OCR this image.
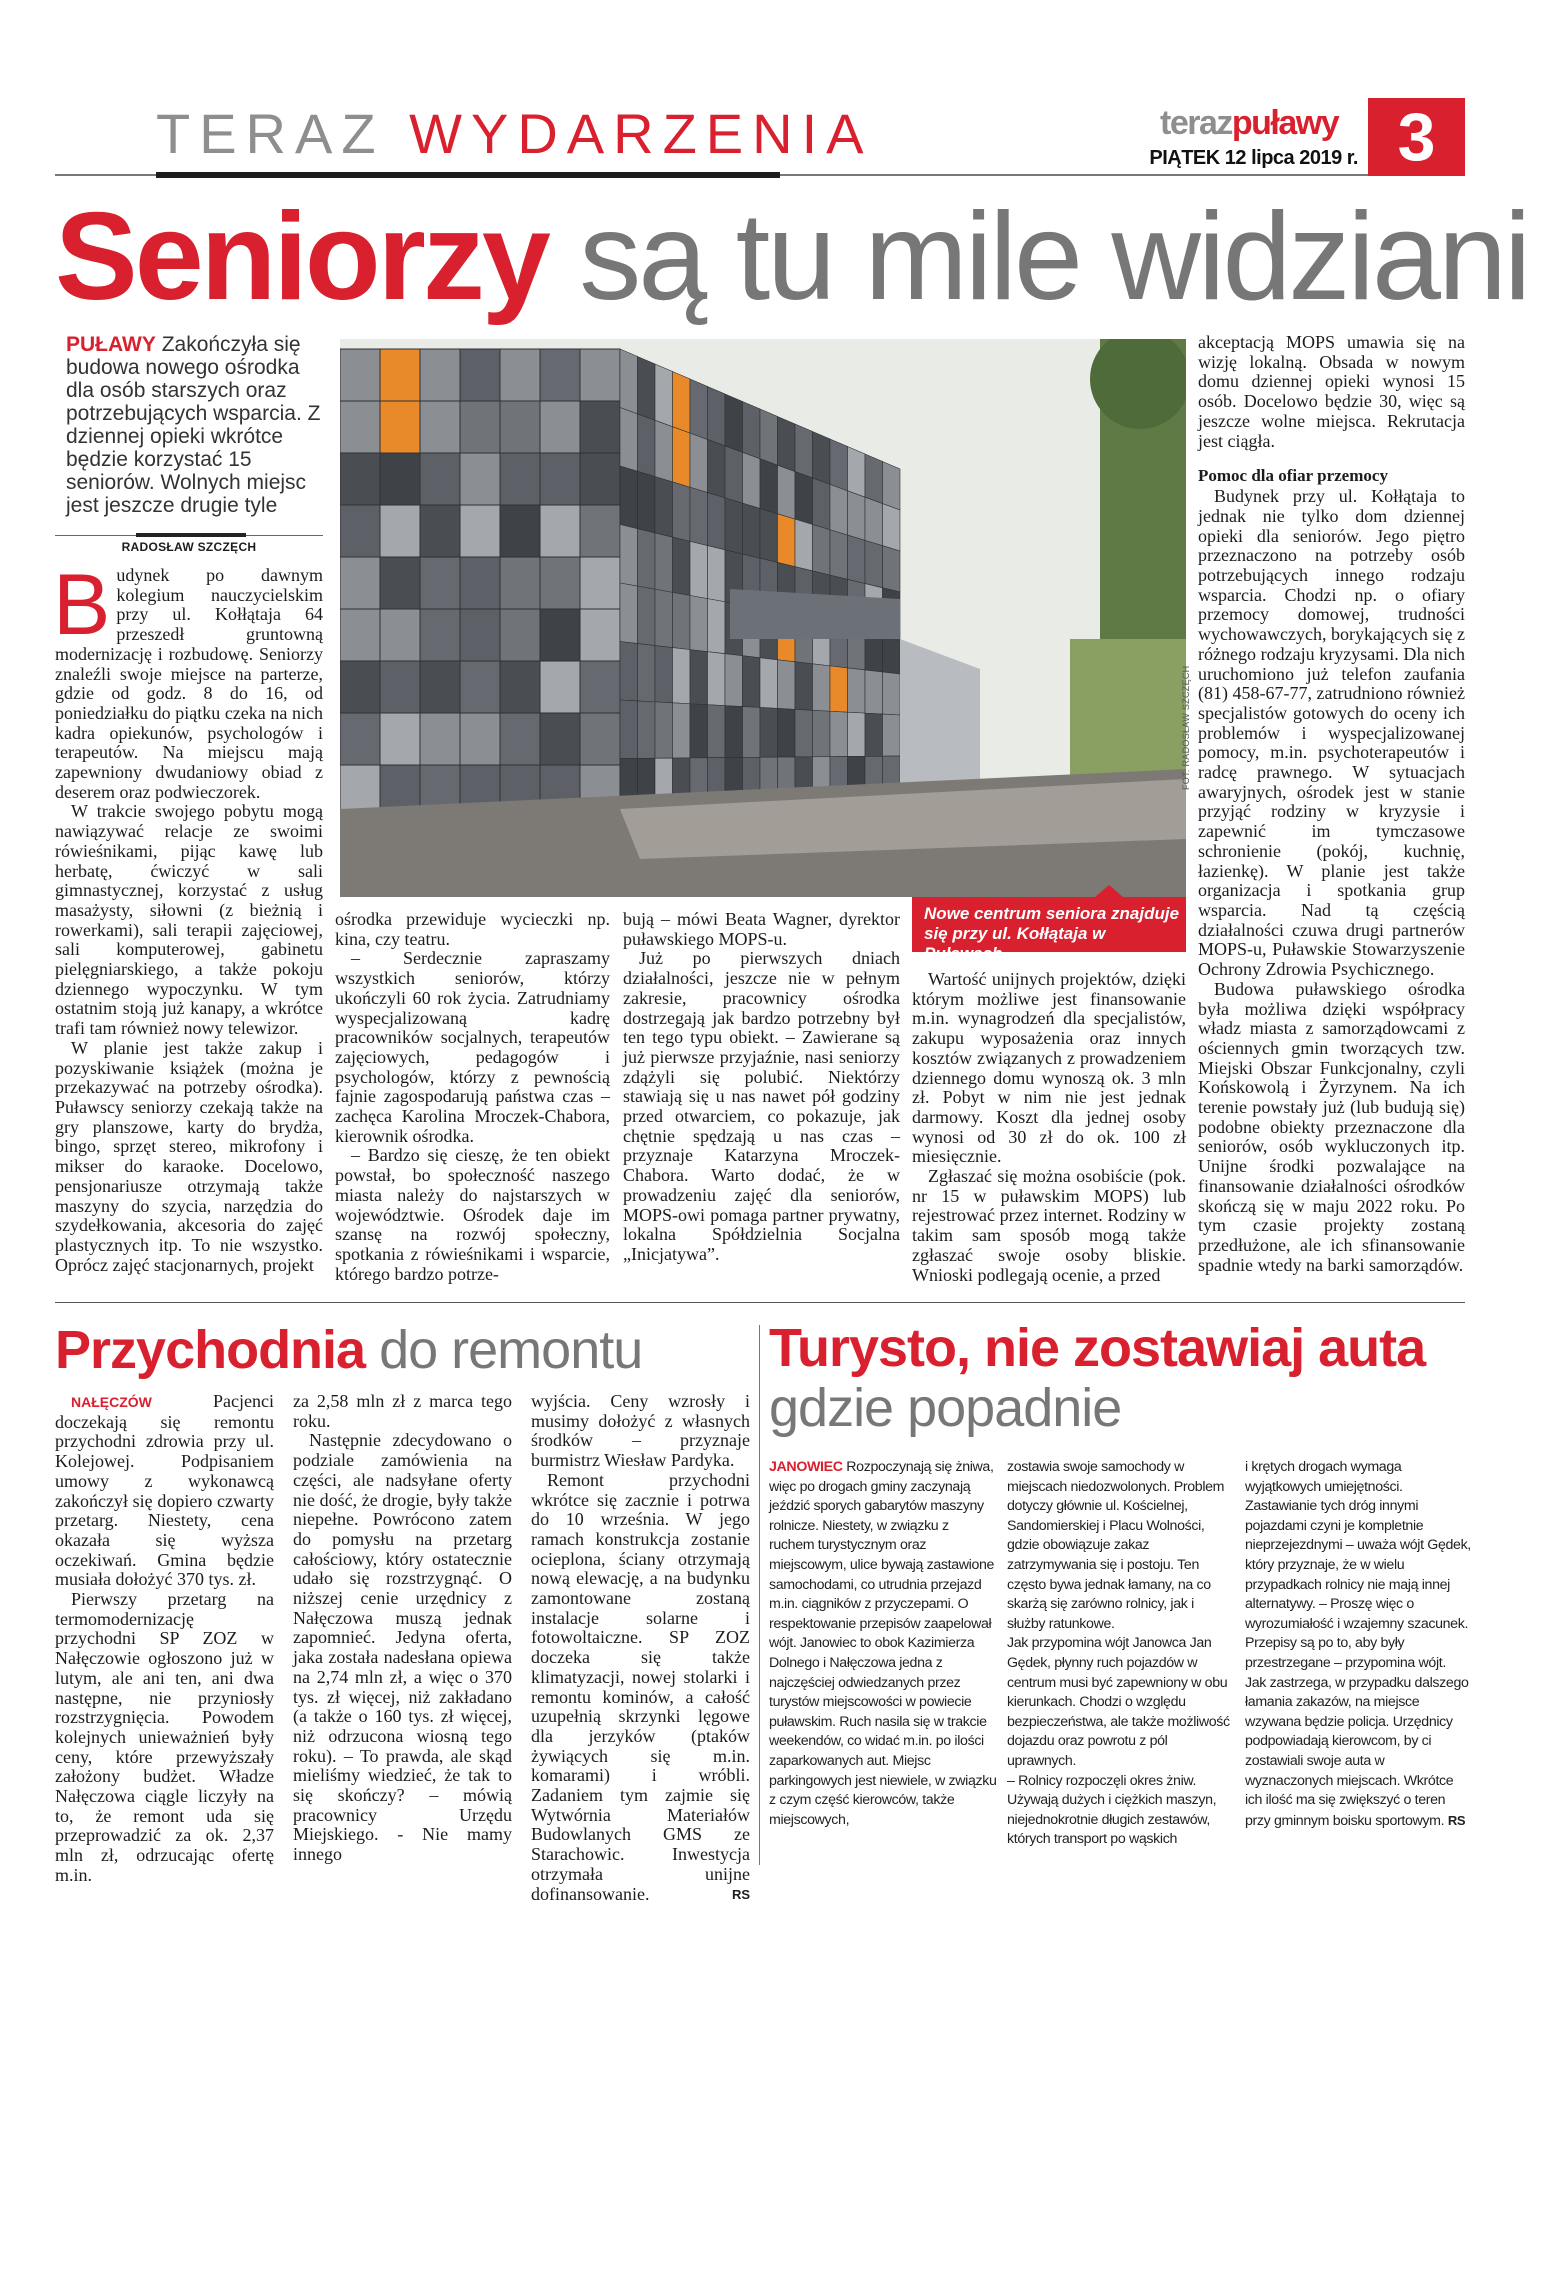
TERAZ WYDARZENIA	terazpuławy
PIĄTEK 12 lipca 2019 r. 3
Seniorzy są tu mile widziani
PUŁAWY Zakończyła się budowa nowego ośrodka dla osób starszych oraz potrzebujących wsparcia. Z dziennej opieki wkrótce będzie korzystać 15 seniorów. Wolnych miejsc jest jeszcze drugie tyle
RADOSŁAW SZCZĘCH

Budynek po dawnym kolegium nauczycielskim przy ul. Kołłątaja 64 przeszedł gruntowną modernizację i rozbudowę. Seniorzy znaleźli swoje miejsce na parterze, gdzie od godz. 8 do 16, od poniedziałku do piątku czeka na nich kadra opiekunów, psychologów i terapeutów. Na miejscu mają zapewniony dwudaniowy obiad z deserem oraz podwieczorek.

W trakcie swojego pobytu mogą nawiązywać relacje ze swoimi rówieśnikami, pijąc kawę lub herbatę, ćwiczyć w sali gimnastycznej, korzystać z usług masażysty, siłowni (z bieżnią i rowerkami), sali terapii zajęciowej, sali komputerowej, gabinetu pielęgniarskiego, a także pokoju dziennego wypoczynku. W tym ostatnim stoją już kanapy, a wkrótce trafi tam również nowy telewizor.

W planie jest także zakup i pozyskiwanie książek (można je przekazywać na potrzeby ośrodka). Puławscy seniorzy czekają także na gry planszowe, karty do brydża, bingo, sprzęt stereo, mikrofony i mikser do karaoke. Docelowo, pensjonariusze otrzymają także maszyny do szycia, narzędzia do szydełkowania, akcesoria do zajęć plastycznych itp. To nie wszystko. Oprócz zajęć stacjonarnych, projekt

Nowe centrum seniora znajduje się przy ul. Kołłątaja w Puławach
FOT. RADOSŁAW SZCZĘCH

ośrodka przewiduje wycieczki np. kina, czy teatru.

– Serdecznie zapraszamy wszystkich seniorów, którzy ukończyli 60 rok życia. Zatrudniamy wyspecjalizowaną kadrę pracowników socjalnych, terapeutów zajęciowych, pedagogów i psychologów, którzy z pewnością fajnie zagospodarują państwa czas – zachęca Karolina Mroczek-Chabora, kierownik ośrodka.

– Bardzo się cieszę, że ten obiekt powstał, bo społeczność naszego miasta należy do najstarszych w województwie. Ośrodek daje im szansę na rozwój społeczny, spotkania z rówieśnikami i wsparcie, którego bardzo potrze-

bują – mówi Beata Wagner, dyrektor puławskiego MOPS-u.

Już po pierwszych dniach działalności, jeszcze nie w pełnym zakresie, pracownicy ośrodka dostrzegają jak bardzo potrzebny był ten tego typu obiekt. – Zawierane są już pierwsze przyjaźnie, nasi seniorzy zdążyli się polubić. Niektórzy stawiają się u nas nawet pół godziny przed otwarciem, co pokazuje, jak chętnie spędzają u nas czas – przyznaje Katarzyna Mroczek-Chabora. Warto dodać, że w prowadzeniu zajęć dla seniorów, MOPS-owi pomaga partner prywatny, lokalna Spółdzielnia Socjalna „Inicjatywa”.

Wartość unijnych projektów, dzięki którym możliwe jest finansowanie m.in. wynagrodzeń dla specjalistów, zakupu wyposażenia oraz innych kosztów związanych z prowadzeniem dziennego domu wynoszą ok. 3 mln zł. Pobyt w nim nie jest jednak darmowy. Koszt dla jednej osoby wynosi od 30 zł do ok. 100 zł miesięcznie.

Zgłaszać się można osobiście (pok. nr 15 w puławskim MOPS) lub rejestrować przez internet. Rodziny w takim sam sposób mogą także zgłaszać swoje osoby bliskie. Wnioski podlegają ocenie, a przed

akceptacją MOPS umawia się na wizję lokalną. Obsada w nowym domu dziennej opieki wynosi 15 osób. Docelowo będzie 30, więc są jeszcze wolne miejsca. Rekrutacja jest ciągła.

Pomoc dla ofiar przemocy

Budynek przy ul. Kołłątaja to jednak nie tylko dom dziennej opieki dla seniorów. Jego piętro przeznaczono na potrzeby osób potrzebujących innego rodzaju wsparcia. Chodzi np. o ofiary przemocy domowej, trudności wychowawczych, borykających się z różnego rodzaju kryzysami. Dla nich uruchomiono już telefon zaufania (81) 458-67-77, zatrudniono również specjalistów gotowych do oceny ich problemów i wyspecjalizowanej pomocy, m.in. psychoterapeutów i radcę prawnego. W sytuacjach awaryjnych, ośrodek jest w stanie przyjąć rodziny w kryzysie i zapewnić im tymczasowe schronienie (pokój, kuchnię, łazienkę). W planie jest także organizacja i spotkania grup wsparcia. Nad tą częścią działalności czuwa drugi partnerów MOPS-u, Puławskie Stowarzyszenie Ochrony Zdrowia Psychicznego.

Budowa puławskiego ośrodka była możliwa dzięki współpracy władz miasta z samorządowcami z ościennych gmin tworzących tzw. Miejski Obszar Funkcjonalny, czyli Końskowolą i Żyrzynem. Na ich terenie powstały już (lub budują się) podobne obiekty przeznaczone dla seniorów, osób wykluczonych itp. Unijne środki pozwalające na finansowanie działalności ośrodków skończą się w maju 2022 roku. Po tym czasie projekty zostaną przedłużone, ale ich sfinansowanie spadnie wtedy na barki samorządów.

Przychodnia do remontu

NAŁĘCZÓW	Pacjenci doczekają się remontu przychodni zdrowia przy ul. Kolejowej. Podpisaniem umowy z wykonawcą zakończył się dopiero czwarty przetarg. Niestety, cena okazała się wyższa oczekiwań. Gmina będzie musiała dołożyć 370 tys. zł.

Pierwszy przetarg na termomodernizację przychodni SP ZOZ w Nałęczowie ogłoszono już w lutym, ale ani ten, ani dwa następne, nie przyniosły rozstrzygnięcia. Powodem kolejnych unieważnień były ceny, które przewyższały założony budżet. Władze Nałęczowa ciągle liczyły na to, że remont uda się przeprowadzić za ok. 2,37 mln zł, odrzucając ofertę m.in.

za 2,58 mln zł z marca tego roku.

Następnie zdecydowano o podziale zamówienia na części, ale nadsyłane oferty nie dość, że drogie, były także niepełne. Powrócono zatem do pomysłu na przetarg całościowy, który ostatecznie udało się rozstrzygnąć. O niższej cenie urzędnicy z Nałęczowa muszą jednak zapomnieć. Jedyna oferta, jaka została nadesłana opiewa na 2,74 mln zł, a więc o 370 tys. zł więcej, niż zakładano (a także o 160 tys. zł więcej, niż odrzucona wiosną tego roku). – To prawda, ale skąd mieliśmy wiedzieć, że tak to się skończy? – mówią pracownicy Urzędu Miejskiego. - Nie mamy innego

wyjścia. Ceny wzrosły i musimy dołożyć z własnych środków – przyznaje burmistrz Wiesław Pardyka.

Remont przychodni wkrótce się zacznie i potrwa do 10 września. W jego ramach konstrukcja zostanie ocieplona, ściany otrzymają nową elewację, a na budynku zamontowane zostaną instalacje solarne i fotowoltaiczne. SP ZOZ doczeka się także klimatyzacji, nowej stolarki i remontu kominów, a całość uzupełnią skrzynki lęgowe dla jerzyków (ptaków żywiących się m.in. komarami) i wróbli. Zadaniem tym zajmie się Wytwórnia Materiałów Budowlanych GMS ze Starachowic. Inwestycja otrzymała unijne dofinansowanie.	RS

Turysto, nie zostawiaj auta
gdzie popadnie

JANOWIEC Rozpoczynają się żniwa, więc po drogach gminy zaczynają jeździć sporych gabarytów maszyny rolnicze. Niestety, w związku z ruchem turystycznym oraz miejscowym, ulice bywają zastawione samochodami, co utrudnia przejazd m.in. ciągników z przyczepami. O respektowanie przepisów zaapelował wójt. Janowiec to obok Kazimierza Dolnego i Nałęczowa jedna z najczęściej odwiedzanych przez turystów miejscowości w powiecie puławskim. Ruch nasila się w trakcie weekendów, co widać m.in. po ilości zaparkowanych aut. Miejsc parkingowych jest niewiele, w związku z czym część kierowców, także miejscowych,

zostawia swoje samochody w miejscach niedozwolonych. Problem dotyczy głównie ul. Kościelnej, Sandomierskiej i Placu Wolności, gdzie obowiązuje zakaz zatrzymywania się i postoju. Ten często bywa jednak łamany, na co skarżą się zarówno rolnicy, jak i służby ratunkowe.

Jak przypomina wójt Janowca Jan Gędek, płynny ruch pojazdów w centrum musi być zapewniony w obu kierunkach. Chodzi o względu bezpieczeństwa, ale także możliwość dojazdu oraz powrotu z pól uprawnych.

– Rolnicy rozpoczęli okres żniw. Używają dużych i ciężkich maszyn, niejednokrotnie długich zestawów, których transport po wąskich

i krętych drogach wymaga wyjątkowych umiejętności. Zastawianie tych dróg innymi pojazdami czyni je kompletnie nieprzejezdnymi – uważa wójt Gędek, który przyznaje, że w wielu przypadkach rolnicy nie mają innej alternatywy. – Proszę więc o wyrozumiałość i wzajemny szacunek. Przepisy są po to, aby były przestrzegane – przypomina wójt.

Jak zastrzega, w przypadku dalszego łamania zakazów, na miejsce wzywana będzie policja. Urzędnicy podpowiadają kierowcom, by ci zostawiali swoje auta w wyznaczonych miejscach. Wkrótce ich ilość ma się zwiększyć o teren przy gminnym boisku sportowym. RS
